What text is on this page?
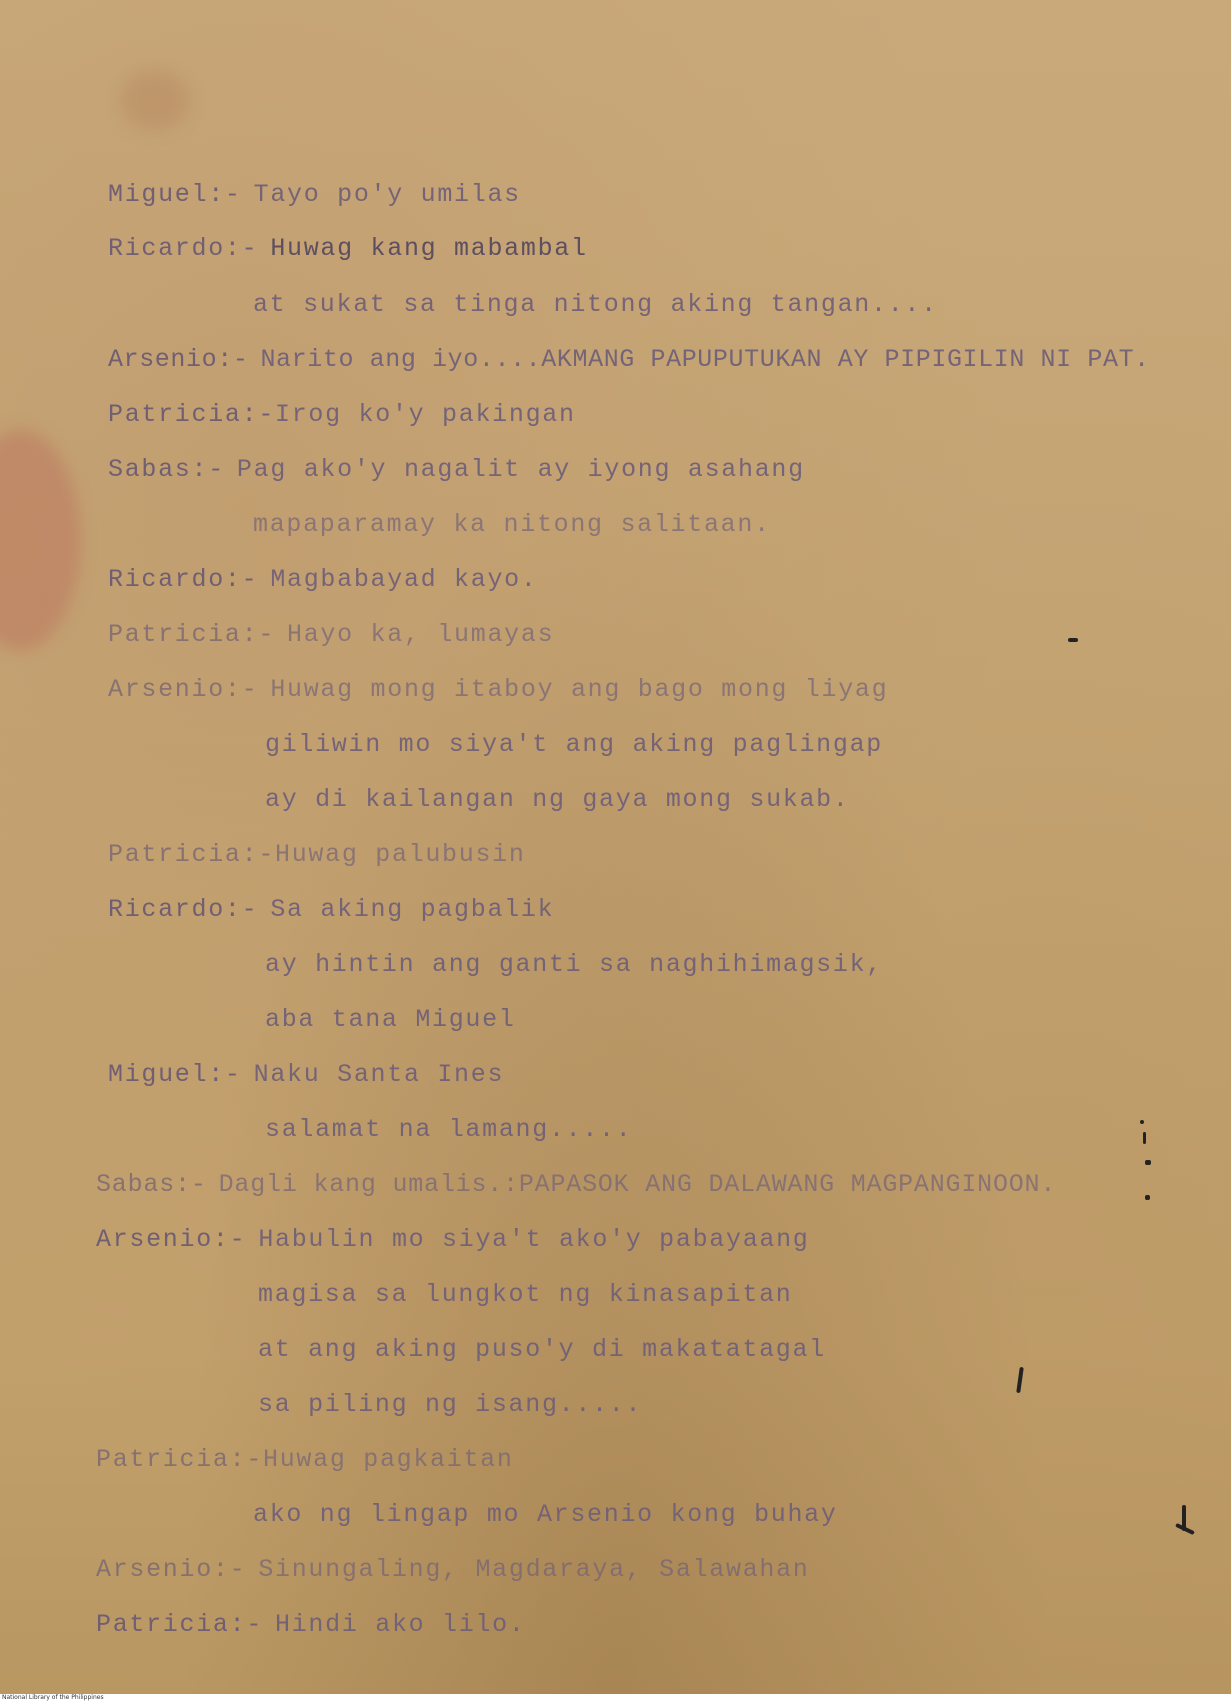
Miguel:- Tayo po'y umilas
Ricardo:- Huwag kang mabambal
at sukat sa tinga nitong aking tangan....
Arsenio:- Narito ang iyo....AKMANG PAPUPUTUKAN AY PIPIGILIN NI PAT.
Patricia:-Irog ko'y pakingan
Sabas:- Pag ako'y nagalit ay iyong asahang
mapaparamay ka nitong salitaan.
Ricardo:- Magbabayad kayo.
Patricia:- Hayo ka, lumayas
Arsenio:- Huwag mong itaboy ang bago mong liyag
giliwin mo siya't ang aking paglingap
ay di kailangan ng gaya mong sukab.
Patricia:-Huwag palubusin
Ricardo:- Sa aking pagbalik
ay hintin ang ganti sa naghihimagsik,
aba tana Miguel
Miguel:- Naku Santa Ines
salamat na lamang.....
Sabas:- Dagli kang umalis.:PAPASOK ANG DALAWANG MAGPANGINOON.
Arsenio:- Habulin mo siya't ako'y pabayaang
magisa sa lungkot ng kinasapitan
at ang aking puso'y di makatatagal
sa piling ng isang.....
Patricia:-Huwag pagkaitan
ako ng lingap mo Arsenio kong buhay
Arsenio:- Sinungaling, Magdaraya, Salawahan
Patricia:- Hindi ako lilo.
National Library of the Philippines
